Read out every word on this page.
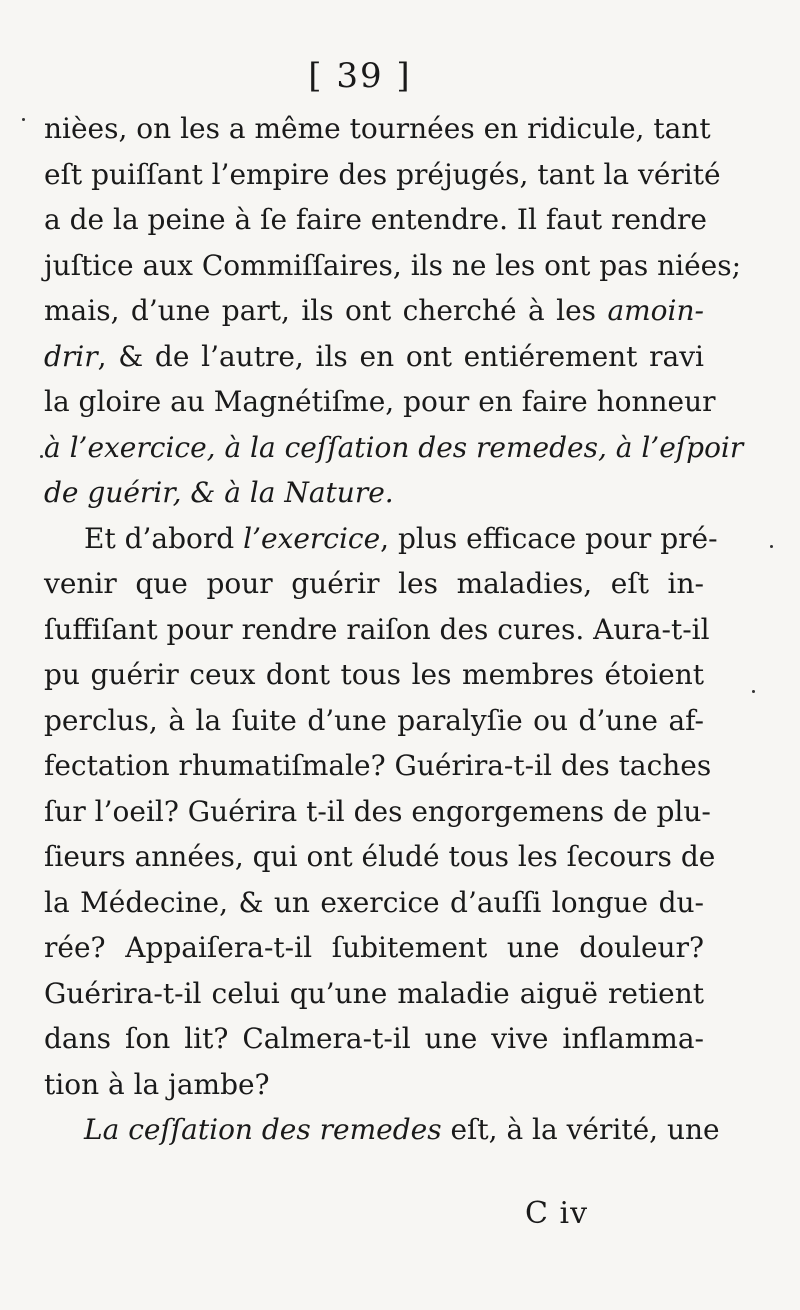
[ 39 ]
nièes, on les a même tournées en ridicule, tant
eſt puiſſant l’empire des préjugés, tant la vérité
a de la peine à ſe faire entendre. Il faut rendre
juſtice aux Commiſſaires, ils ne les ont pas niées;
mais, d’une part, ils ont cherché à les amoin-
drir, & de l’autre, ils en ont entiérement ravi
la gloire au Magnétiſme, pour en faire honneur
à l’exercice, à la ceſſation des remedes, à l’eſpoir
de guérir, & à la Nature.
Et d’abord l’exercice, plus efficace pour pré-
venir que pour guérir les maladies, eſt in-
ſuffiſant pour rendre raiſon des cures. Aura-t-il
pu guérir ceux dont tous les membres étoient
perclus, à la ſuite d’une paralyſie ou d’une af-
fectation rhumatiſmale? Guérira-t-il des taches
ſur l’oeil? Guérira t-il des engorgemens de plu-
ſieurs années, qui ont éludé tous les ſecours de
la Médecine, & un exercice d’auſſi longue du-
rée? Appaiſera-t-il ſubitement une douleur?
Guérira-t-il celui qu’une maladie aiguë retient
dans ſon lit? Calmera-t-il une vive inflamma-
tion à la jambe?
La ceſſation des remedes eſt, à la vérité, une
C iv
